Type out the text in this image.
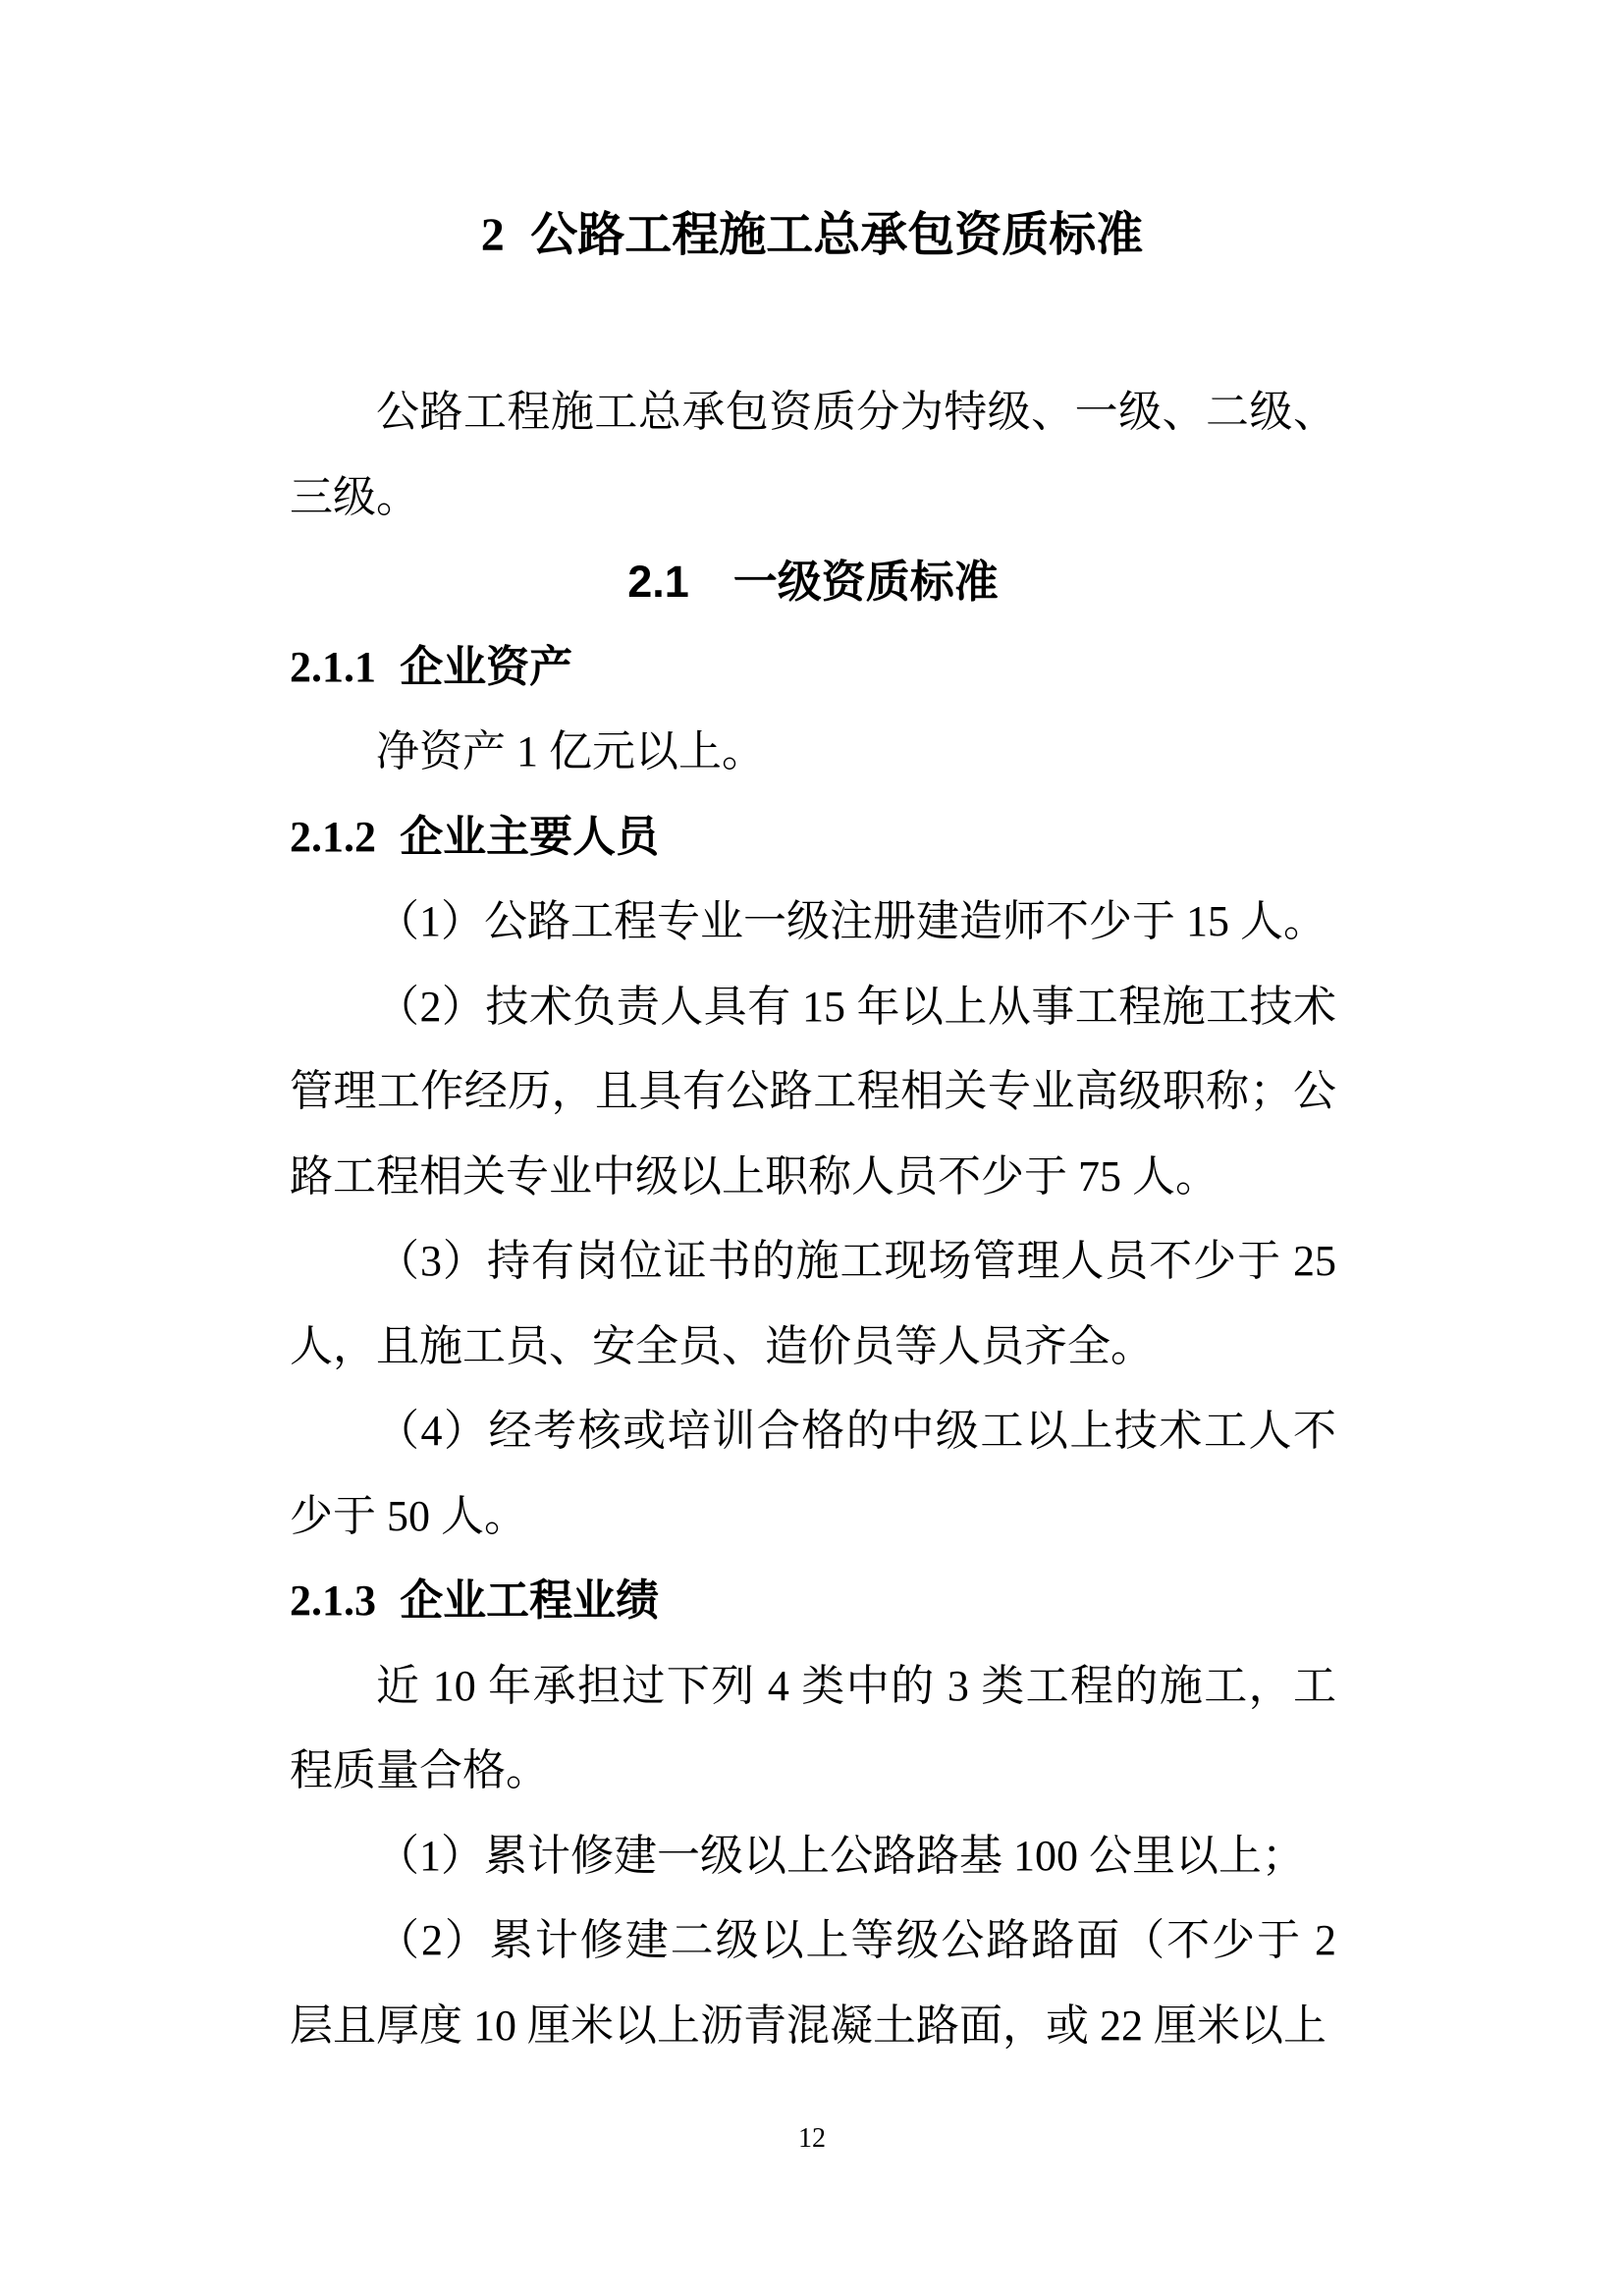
2 公路工程施工总承包资质标准

公路工程施工总承包资质分为特级、一级、二级、三级。

2.1 一级资质标准
2.1.1 企业资产

净资产 1 亿元以上。

2.1.2 企业主要人员

（1）公路工程专业一级注册建造师不少于 15 人。

（2）技术负责人具有 15 年以上从事工程施工技术管理工作经历，且具有公路工程相关专业高级职称；公路工程相关专业中级以上职称人员不少于 75 人。

（3）持有岗位证书的施工现场管理人员不少于 25 人，且施工员、安全员、造价员等人员齐全。

（4）经考核或培训合格的中级工以上技术工人不少于 50 人。

2.1.3 企业工程业绩

近 10 年承担过下列 4 类中的 3 类工程的施工，工程质量合格。

（1）累计修建一级以上公路路基 100 公里以上；

（2）累计修建二级以上等级公路路面（不少于 2 层且厚度 10 厘米以上沥青混凝土路面，或 22 厘米以上

12
